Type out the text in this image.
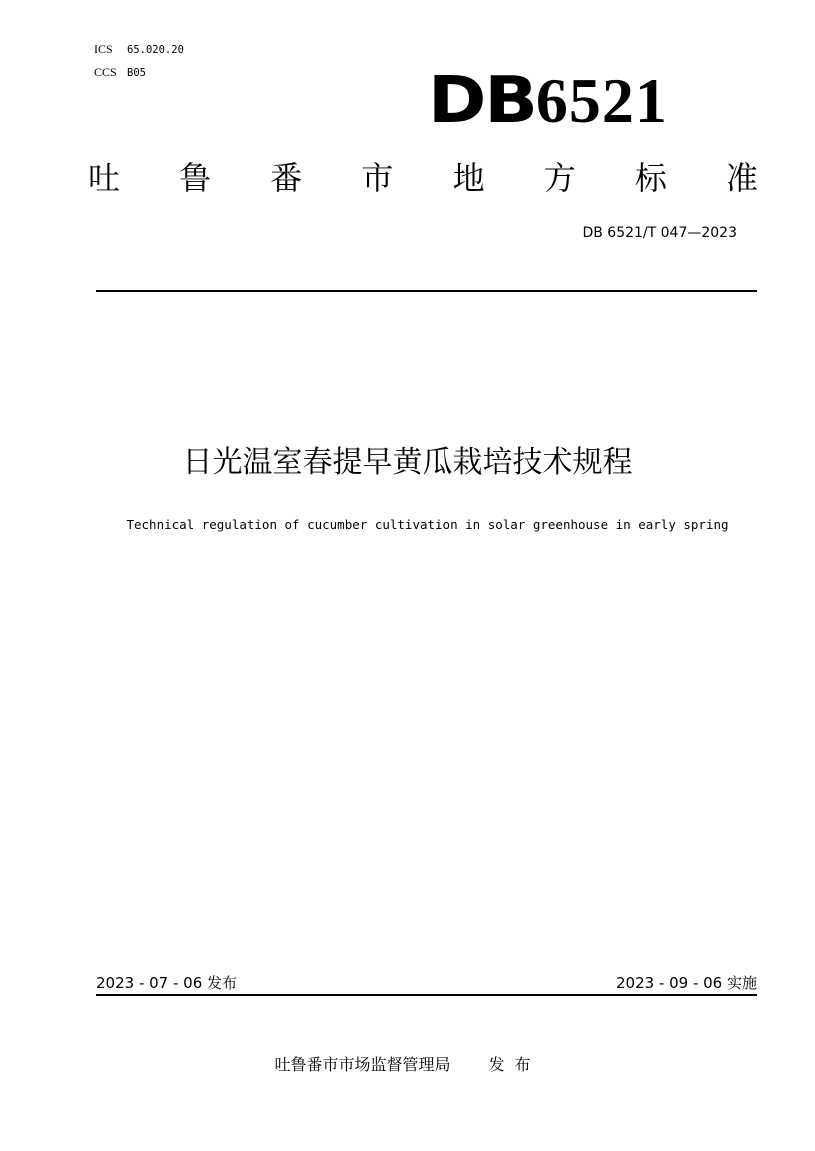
ICS 65.020.20
CCS B05	DB6521
吐 鲁 番 市 地 方 标 准
DB 6521/T 047—2023
日光温室春提早黄瓜栽培技术规程
Technical regulation of cucumber cultivation in solar greenhouse in early spring
2023 - 07 - 06 发布	2023 - 09 - 06 实施
吐鲁番市市场监督管理局 发布
